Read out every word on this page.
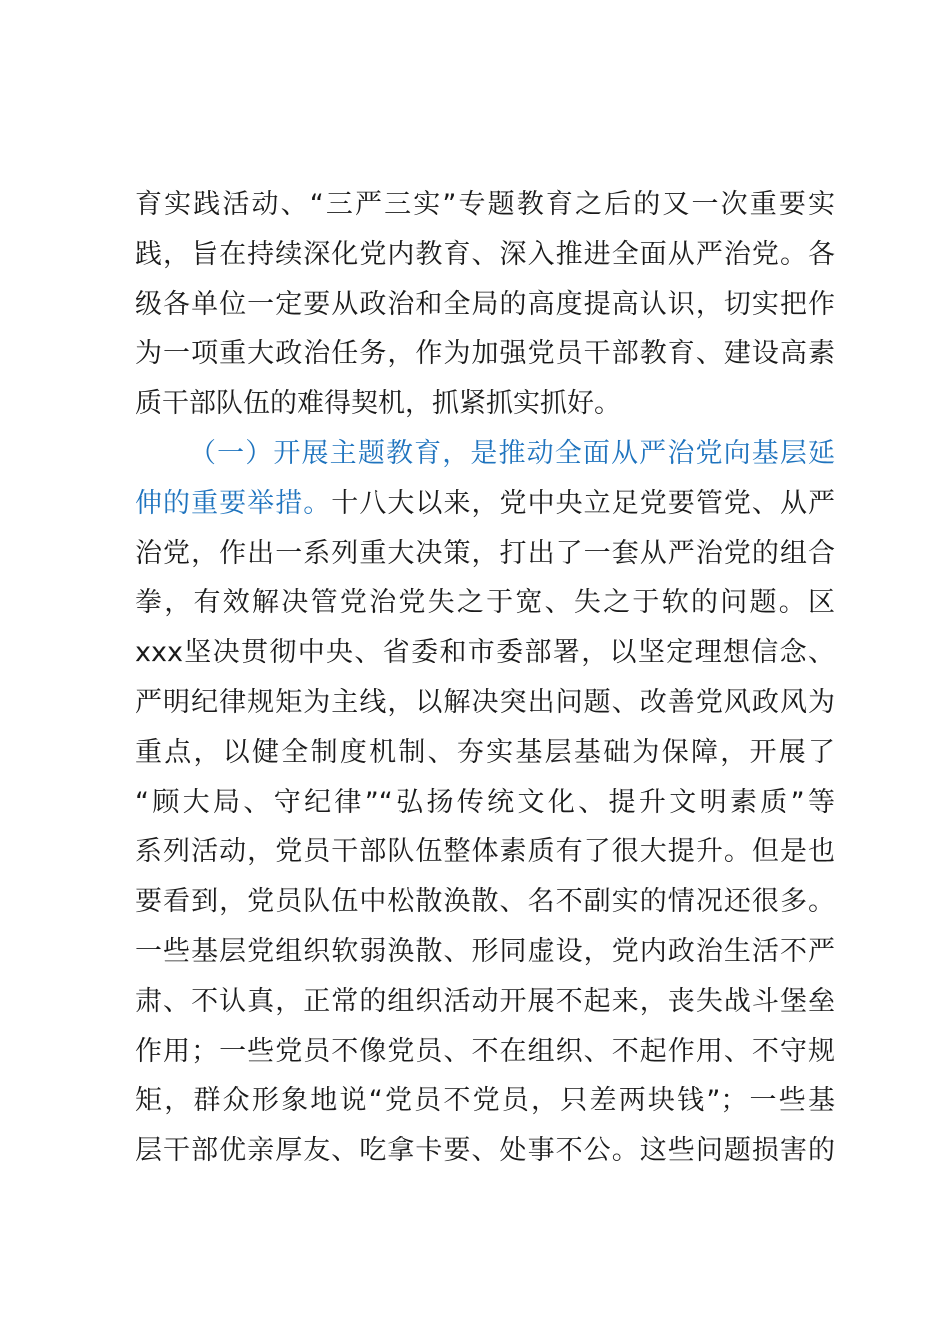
育实践活动、“三严三实”专题教育之后的又一次重要实
践，旨在持续深化党内教育、深入推进全面从严治党。各
级各单位一定要从政治和全局的高度提高认识，切实把作
为一项重大政治任务，作为加强党员干部教育、建设高素
质干部队伍的难得契机，抓紧抓实抓好。
（一）开展主题教育，是推动全面从严治党向基层延
伸的重要举措。十八大以来，党中央立足党要管党、从严
治党，作出一系列重大决策，打出了一套从严治党的组合
拳，有效解决管党治党失之于宽、失之于软的问题。区
xxx坚决贯彻中央、省委和市委部署，以坚定理想信念、
严明纪律规矩为主线，以解决突出问题、改善党风政风为
重点，以健全制度机制、夯实基层基础为保障，开展了
“顾大局、守纪律”“弘扬传统文化、提升文明素质”等
系列活动，党员干部队伍整体素质有了很大提升。但是也
要看到，党员队伍中松散涣散、名不副实的情况还很多。
一些基层党组织软弱涣散、形同虚设，党内政治生活不严
肃、不认真，正常的组织活动开展不起来，丧失战斗堡垒
作用；一些党员不像党员、不在组织、不起作用、不守规
矩，群众形象地说“党员不党员，只差两块钱”；一些基
层干部优亲厚友、吃拿卡要、处事不公。这些问题损害的
